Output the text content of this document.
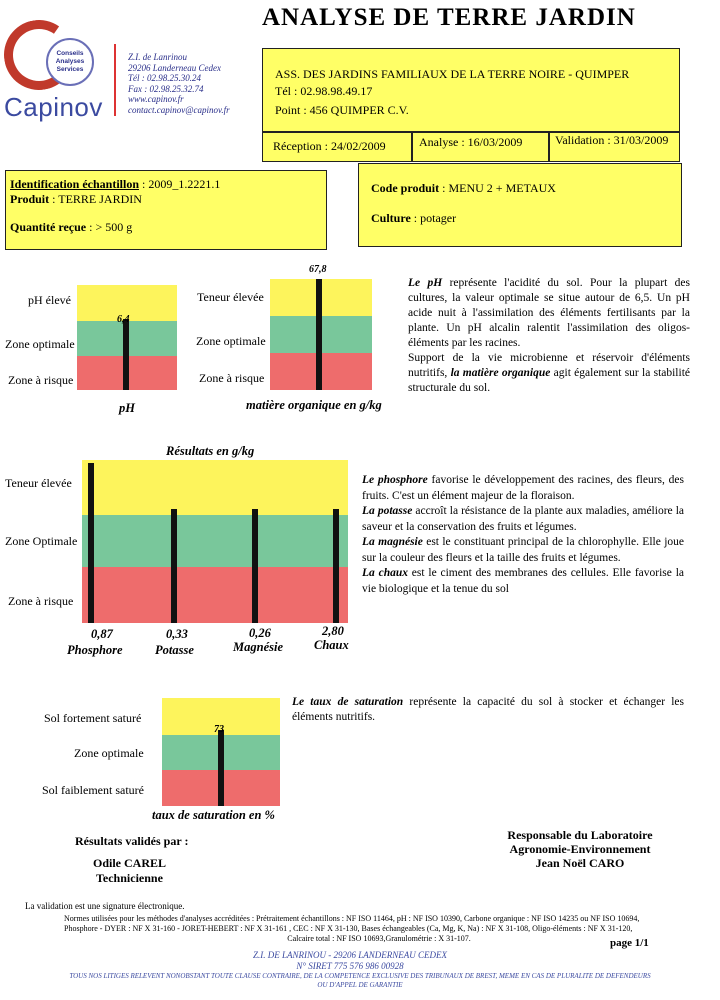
ANALYSE DE TERRE JARDIN
Conseils
Analyses
Services
Capinov
Z.I. de Lanrinou
29206 Landerneau Cedex
Tél : 02.98.25.30.24
Fax : 02.98.25.32.74
www.capinov.fr
contact.capinov@capinov.fr
ASS. DES JARDINS FAMILIAUX DE LA TERRE NOIRE - QUIMPER
Tél : 02.98.98.49.17
Point : 456 QUIMPER C.V.
Réception : 24/02/2009	Analyse : 16/03/2009	Validation : 31/03/2009
Identification échantillon : 2009_1.2221.1
Produit : TERRE JARDIN
Quantité reçue : > 500 g
Code produit : MENU 2 + METAUX
Culture : potager
pH élevé
Zone optimale
Zone à risque
6,4
pH
Teneur élevée
Zone optimale
Zone à risque
67,8
matière organique en g/kg

Le pH représente l'acidité du sol. Pour la plupart des cultures, la valeur optimale se situe autour de 6,5. Un pH acide nuit à l'assimilation des éléments fertilisants par la plante. Un pH alcalin ralentit l'assimilation des oligos-éléments par les racines.

Support de la vie microbienne et réservoir d'éléments nutritifs, la matière organique agit également sur la stabilité structurale du sol.

Résultats en g/kg
Teneur élevée
Zone Optimale
Zone à risque
0,87
Phosphore
0,33
Potasse
0,26
Magnésie
2,80
Chaux

Le phosphore favorise le développement des racines, des fleurs, des fruits. C'est un élément majeur de la floraison.

La potasse accroît la résistance de la plante aux maladies, améliore la saveur et la conservation des fruits et légumes.

La magnésie est le constituant principal de la chlorophylle. Elle joue sur la couleur des fleurs et la taille des fruits et légumes.

La chaux est le ciment des membranes des cellules. Elle favorise la vie biologique et la tenue du sol

Sol fortement saturé
Zone optimale
Sol faiblement saturé
73
taux de saturation en %

Le taux de saturation représente la capacité du sol à stocker et échanger les éléments nutritifs.

Résultats validés par :
Odile CAREL
Technicienne
Responsable du Laboratoire
Agronomie-Environnement
Jean Noël CARO
La validation est une signature électronique.
Normes utilisées pour les méthodes d'analyses accréditées : Prétraitement échantillons : NF ISO 11464, pH : NF ISO 10390, Carbone organique : NF ISO 14235 ou NF ISO 10694,
Phosphore - DYER : NF X 31-160 - JORET-HEBERT : NF X 31-161 , CEC : NF X 31-130, Bases échangeables (Ca, Mg, K, Na) : NF X 31-108, Oligo-éléments : NF X 31-120,
Calcaire total : NF ISO 10693,Granulométrie : X 31-107.	page 1/1
Z.I. DE LANRINOU - 29206 LANDERNEAU CEDEX
N° SIRET 775 576 986 00928
TOUS NOS LITIGES RELEVENT NONOBSTANT TOUTE CLAUSE CONTRAIRE, DE LA COMPETENCE EXCLUSIVE DES TRIBUNAUX DE BREST, MEME EN CAS DE PLURALITE DE DEFENDEURS
OU D'APPEL DE GARANTIE
